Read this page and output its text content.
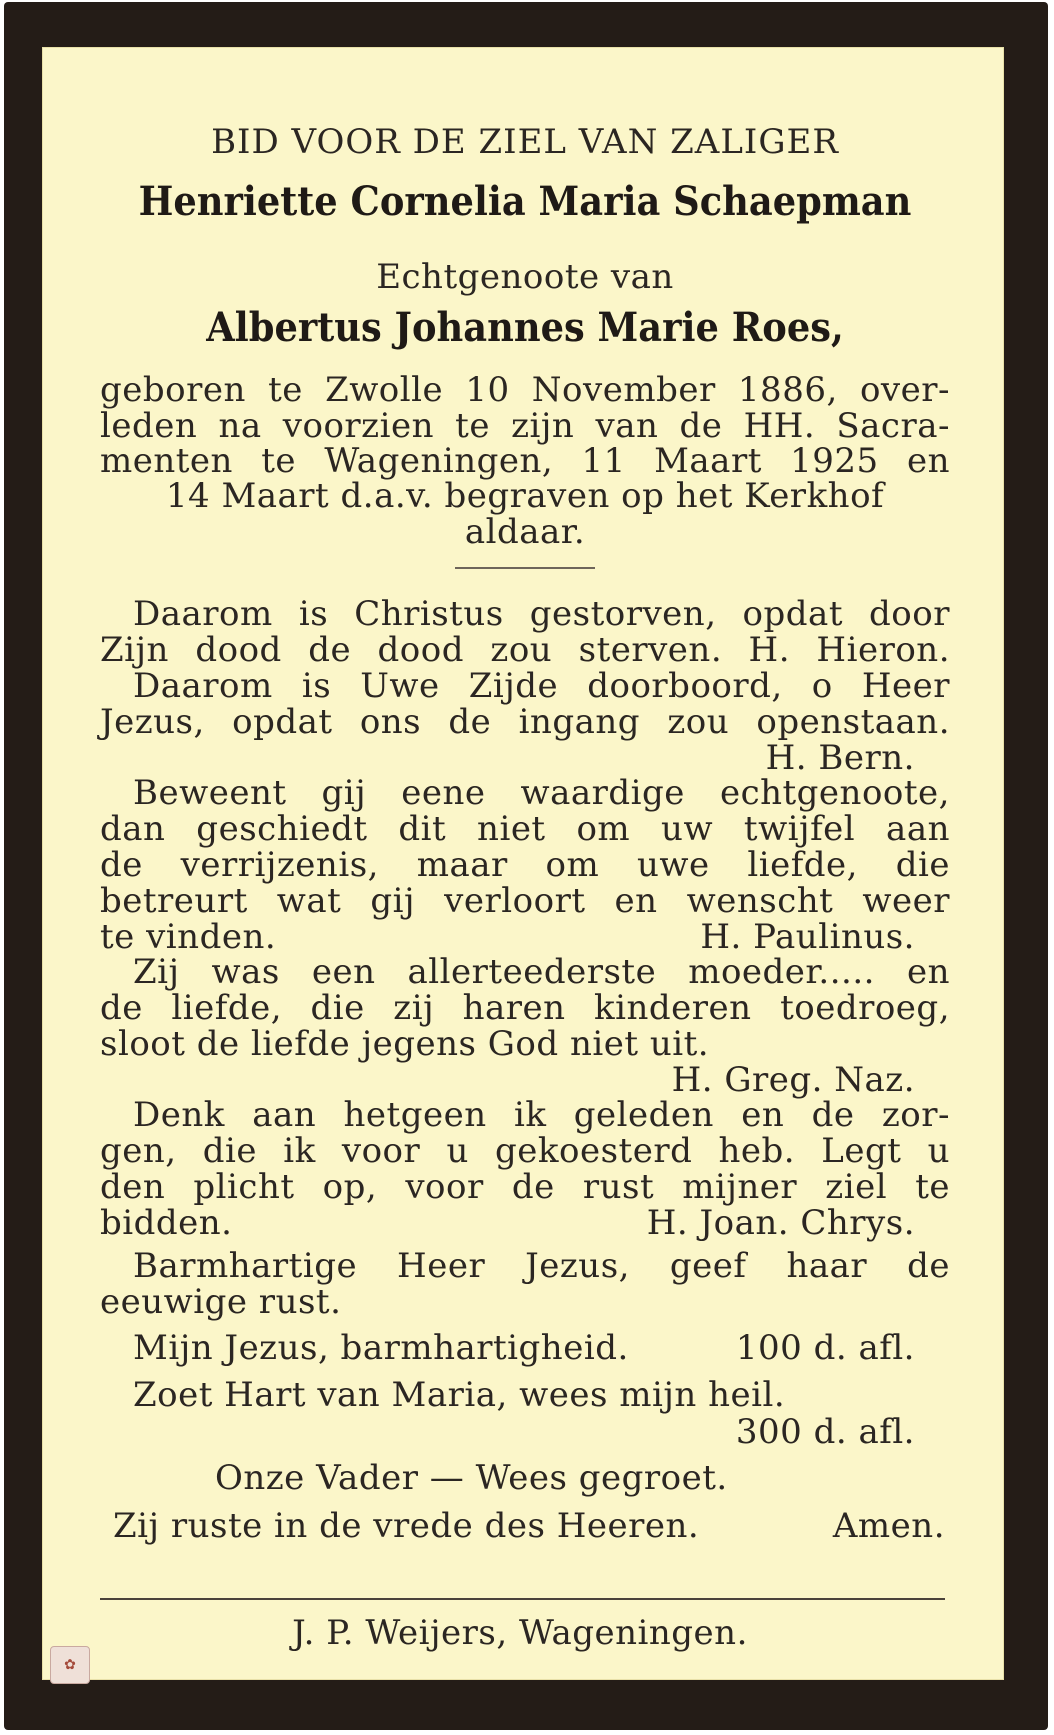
BID VOOR DE ZIEL VAN ZALIGER
Henriette Cornelia Maria Schaepman
Echtgenoote van
Albertus Johannes Marie Roes,
geboren te Zwolle 10 November 1886, over-
leden na voorzien te zijn van de HH. Sacra-
menten te Wageningen, 11 Maart 1925 en
14 Maart d.a.v. begraven op het Kerkhof
aldaar.
Daarom is Christus gestorven, opdat door
Zijn dood de dood zou sterven. H. Hieron.
Daarom is Uwe Zijde doorboord, o Heer
Jezus, opdat ons de ingang zou openstaan.
H. Bern.
Beweent gij eene waardige echtgenoote,
dan geschiedt dit niet om uw twijfel aan
de verrijzenis, maar om uwe liefde, die
betreurt wat gij verloort en wenscht weer
te vinden.	H. Paulinus.
Zij was een allerteederste moeder..... en
de liefde, die zij haren kinderen toedroeg,
sloot de liefde jegens God niet uit.
H. Greg. Naz.
Denk aan hetgeen ik geleden en de zor-
gen, die ik voor u gekoesterd heb. Legt u
den plicht op, voor de rust mijner ziel te
bidden.	H. Joan. Chrys.
Barmhartige Heer Jezus, geef haar de
eeuwige rust.
Mijn Jezus, barmhartigheid.	100 d. afl.
Zoet Hart van Maria, wees mijn heil.
300 d. afl.
Onze Vader — Wees gegroet.
Zij ruste in de vrede des Heeren.	Amen.
J. P. Weijers, Wageningen.
✿
